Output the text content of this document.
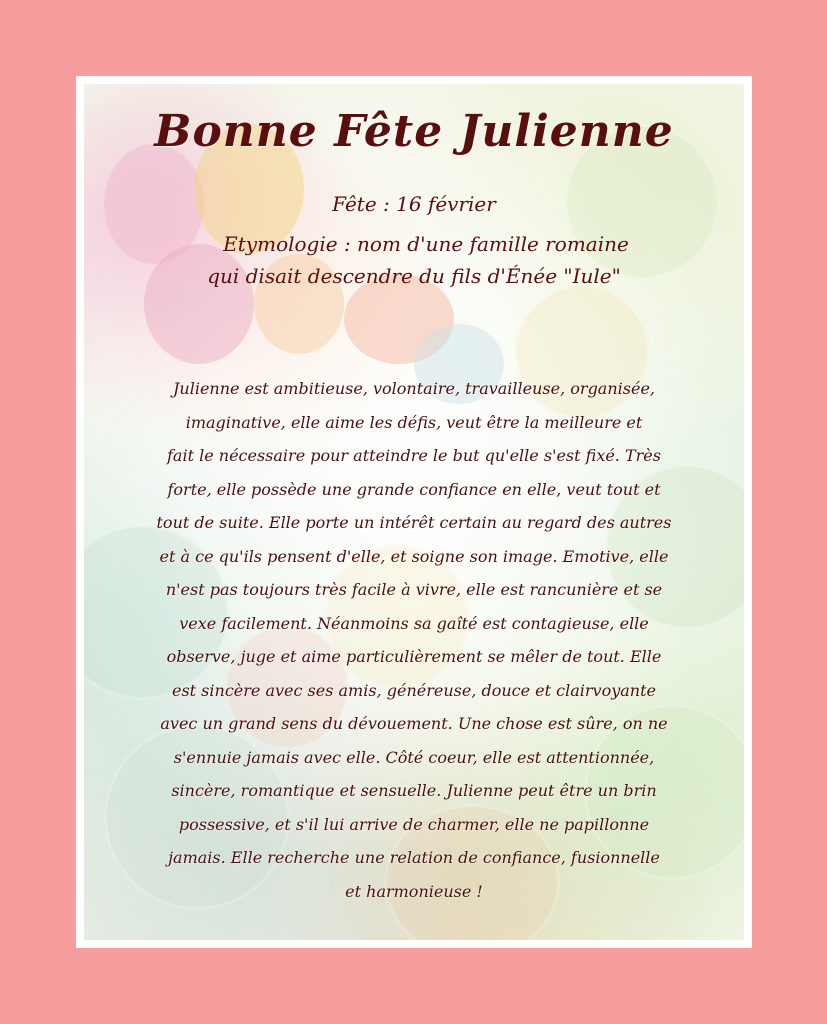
Bonne Fête Julienne
Fête : 16 février
Etymologie : nom d'une famille romaine
qui disait descendre du fils d'Énée "Iule"
Julienne est ambitieuse, volontaire, travailleuse, organisée,
imaginative, elle aime les défis, veut être la meilleure et
fait le nécessaire pour atteindre le but qu'elle s'est fixé. Très
forte, elle possède une grande confiance en elle, veut tout et
tout de suite. Elle porte un intérêt certain au regard des autres
et à ce qu'ils pensent d'elle, et soigne son image. Emotive, elle
n'est pas toujours très facile à vivre, elle est rancunière et se
vexe facilement. Néanmoins sa gaîté est contagieuse, elle
observe, juge et aime particulièrement se mêler de tout. Elle
est sincère avec ses amis, généreuse, douce et clairvoyante
avec un grand sens du dévouement. Une chose est sûre, on ne
s'ennuie jamais avec elle. Côté coeur, elle est attentionnée,
sincère, romantique et sensuelle. Julienne peut être un brin
possessive, et s'il lui arrive de charmer, elle ne papillonne
jamais. Elle recherche une relation de confiance, fusionnelle
et harmonieuse !
